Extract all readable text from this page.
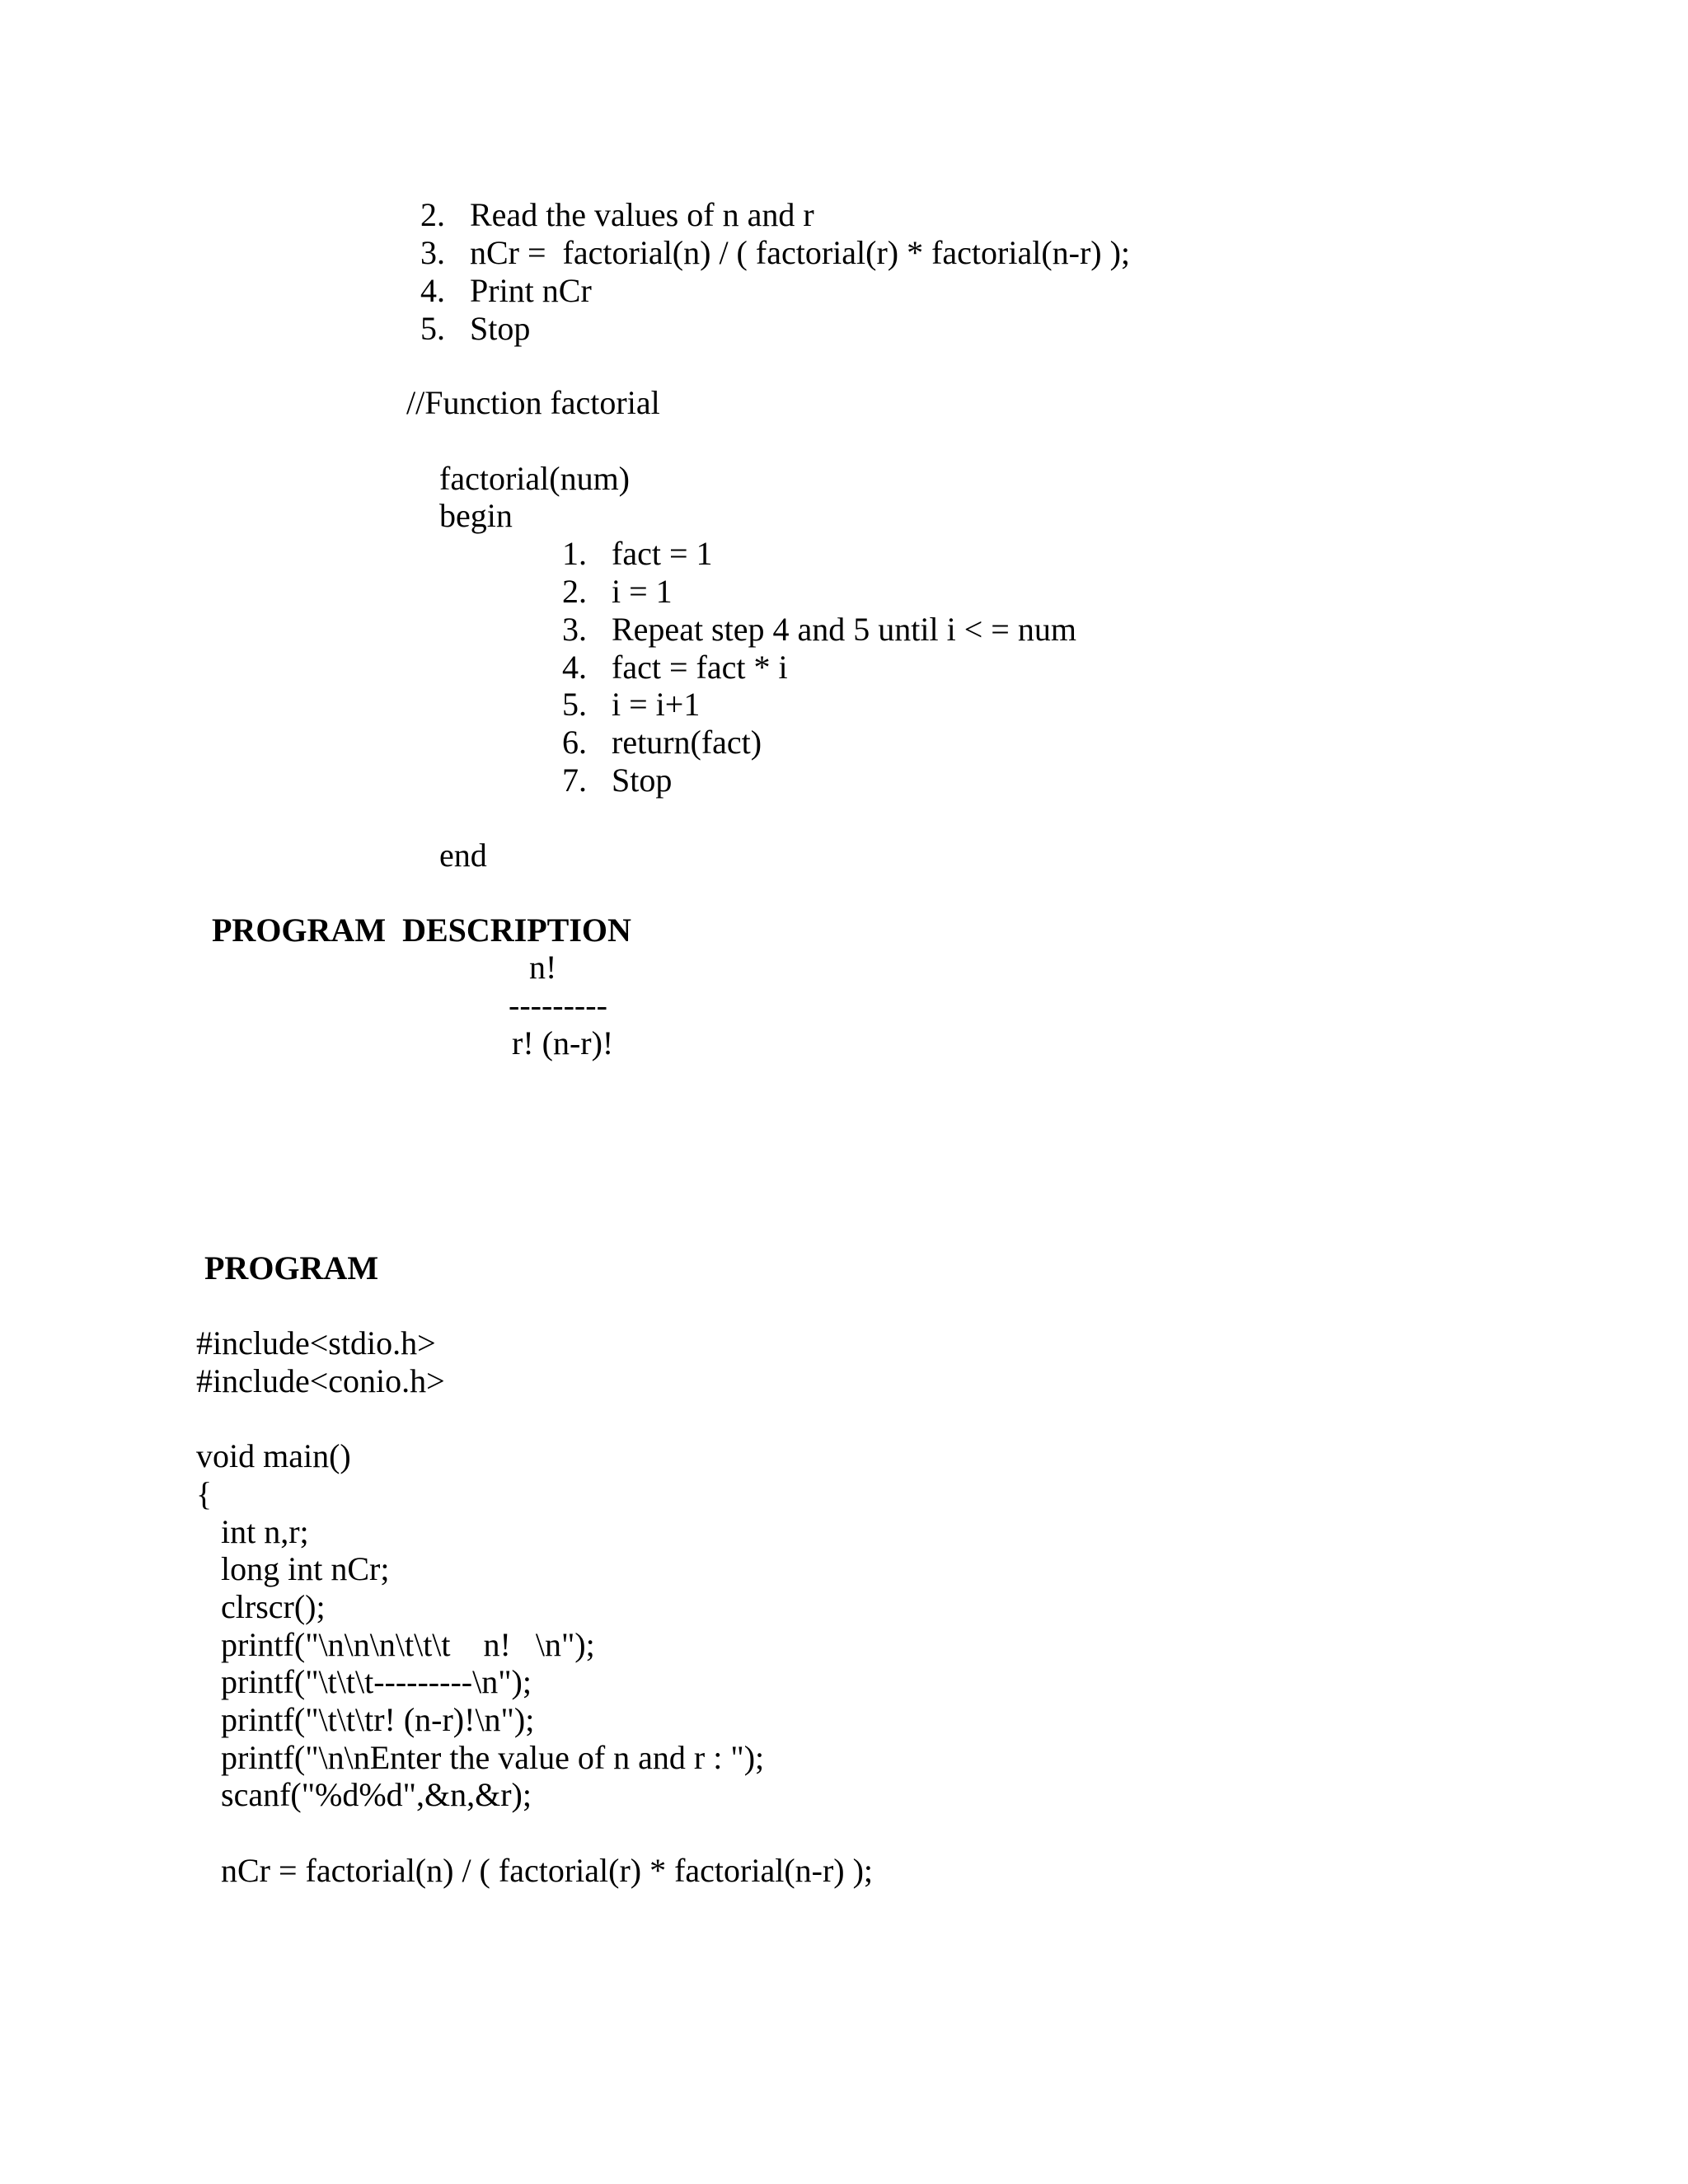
2. Read the values of n and r
3. nCr =  factorial(n) / ( factorial(r) * factorial(n-r) );
4. Print nCr
5. Stop
//Function factorial
factorial(num)
begin
1. fact = 1
2. i = 1
3. Repeat step 4 and 5 until i < = num
4. fact = fact * i
5. i = i+1
6. return(fact)
7. Stop
end
PROGRAM  DESCRIPTION
n!
---------
r! (n-r)!
PROGRAM
#include<stdio.h>
#include<conio.h>
void main()
{
int n,r;
long int nCr;
clrscr();
printf("\n\n\n\t\t\t    n!   \n");
printf("\t\t\t---------\n");
printf("\t\t\tr! (n-r)!\n");
printf("\n\nEnter the value of n and r : ");
scanf("%d%d",&n,&r);
nCr = factorial(n) / ( factorial(r) * factorial(n-r) );
